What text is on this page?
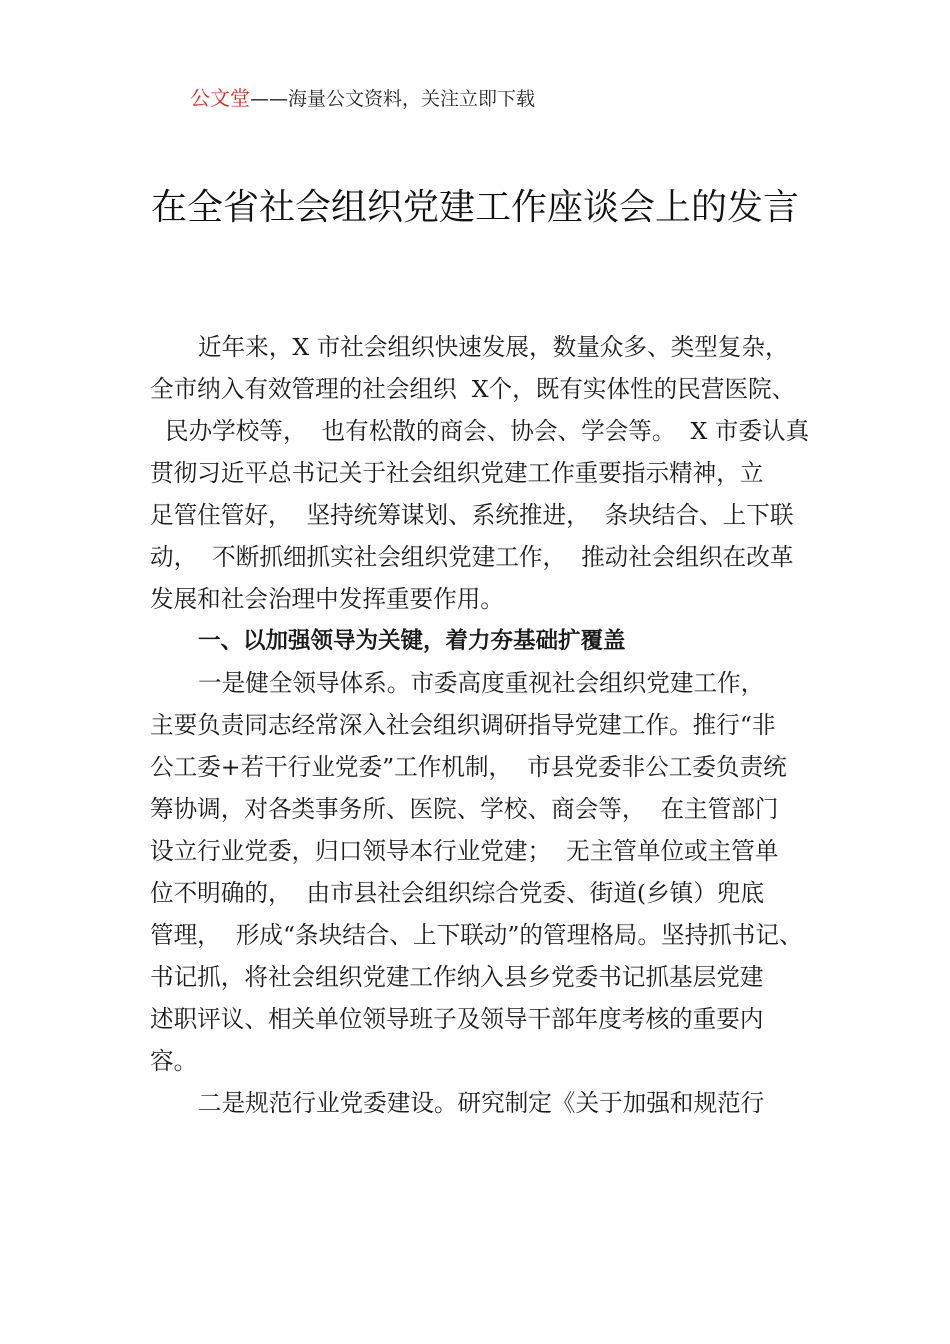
公文堂——海量公文资料，关注立即下载
在全省社会组织党建工作座谈会上的发言
近年来，X 市社会组织快速发展，数量众多、类型复杂，
全市纳入有效管理的社会组织  X个，既有实体性的民营医院、
民办学校等，  也有松散的商会、协会、学会等。  X 市委认真
贯彻习近平总书记关于社会组织党建工作重要指示精神，立
足管住管好，  坚持统筹谋划、系统推进，  条块结合、上下联
动，  不断抓细抓实社会组织党建工作，  推动社会组织在改革
发展和社会治理中发挥重要作用。
一、以加强领导为关键，着力夯基础扩覆盖
一是健全领导体系。市委高度重视社会组织党建工作，
主要负责同志经常深入社会组织调研指导党建工作。推行“非
公工委+若干行业党委”工作机制，  市县党委非公工委负责统
筹协调，对各类事务所、医院、学校、商会等，  在主管部门
设立行业党委，归口领导本行业党建；  无主管单位或主管单
位不明确的，  由市县社会组织综合党委、街道(乡镇）兜底
管理，  形成“条块结合、上下联动”的管理格局。坚持抓书记、
书记抓，将社会组织党建工作纳入县乡党委书记抓基层党建
述职评议、相关单位领导班子及领导干部年度考核的重要内
容。
二是规范行业党委建设。研究制定《关于加强和规范行
